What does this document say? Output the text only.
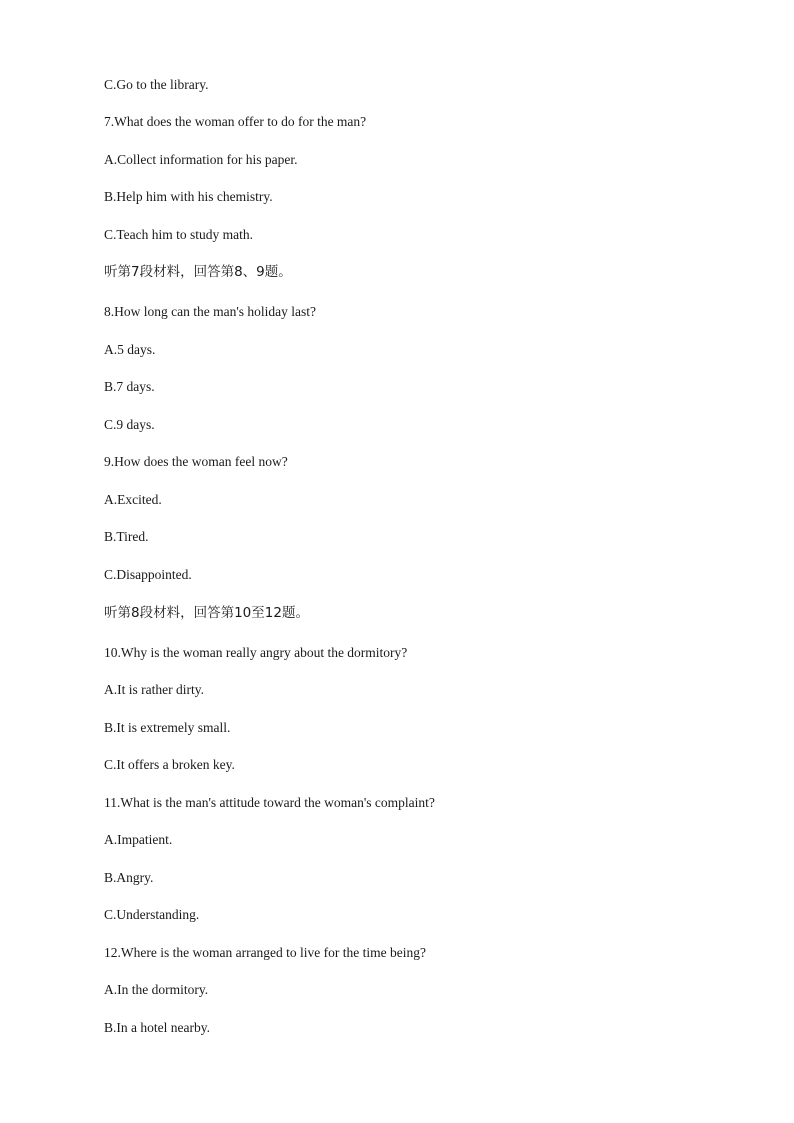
C.Go to the library.
7.What does the woman offer to do for the man?
A.Collect information for his paper.
B.Help him with his chemistry.
C.Teach him to study math.
听第7段材料，回答第8、9题。
8.How long can the man's holiday last?
A.5 days.
B.7 days.
C.9 days.
9.How does the woman feel now?
A.Excited.
B.Tired.
C.Disappointed.
听第8段材料，回答第10至12题。
10.Why is the woman really angry about the dormitory?
A.It is rather dirty.
B.It is extremely small.
C.It offers a broken key.
11.What is the man's attitude toward the woman's complaint?
A.Impatient.
B.Angry.
C.Understanding.
12.Where is the woman arranged to live for the time being?
A.In the dormitory.
B.In a hotel nearby.
